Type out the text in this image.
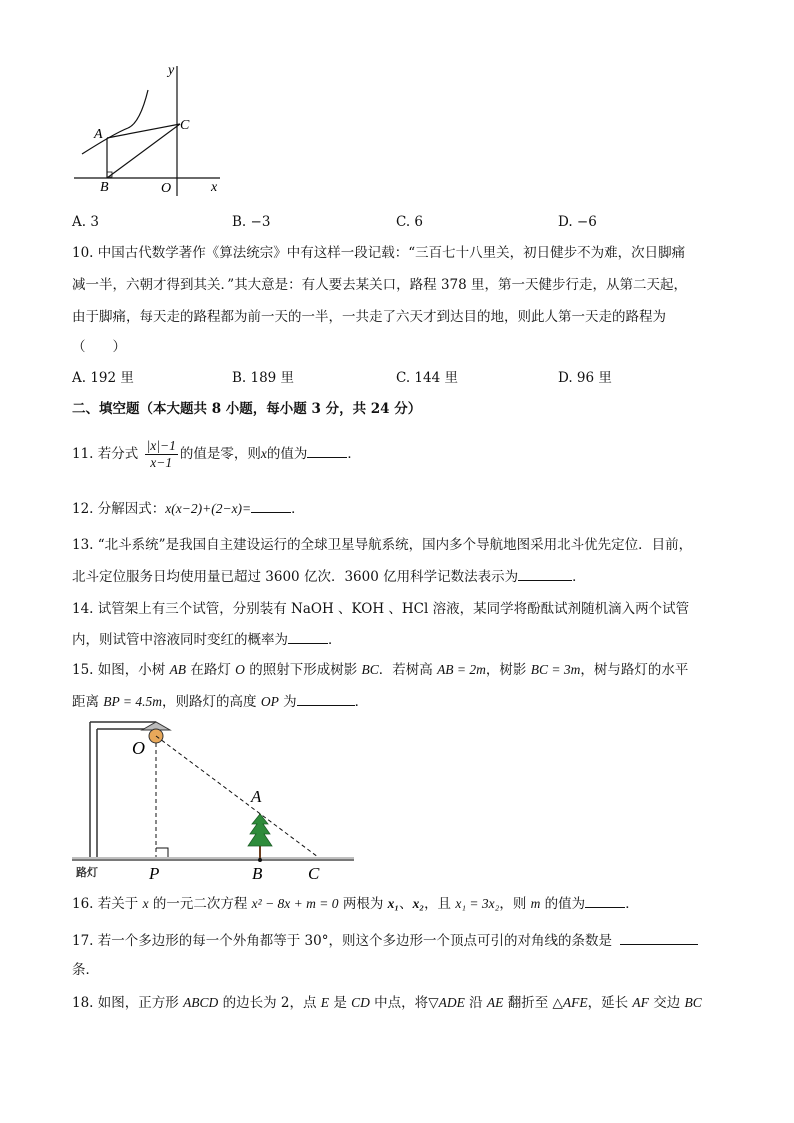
y
x
A
B
C
O
A. 3	B. −3	C. 6	D. −6
10. 中国古代数学著作《算法统宗》中有这样一段记载：“三百七十八里关，初日健步不为难，次日脚痛
减一半，六朝才得到其关．”其大意是：有人要去某关口，路程 378 里，第一天健步行走，从第二天起，
由于脚痛，每天走的路程都为前一天的一半，一共走了六天才到达目的地，则此人第一天走的路程为
（　　）
A. 192 里	B. 189 里	C. 144 里	D. 96 里
二、填空题（本大题共 8 小题，每小题 3 分，共 24 分）
11. 若分式 $\frac{|x|-1}{x-1}$ 的值是零，则x的值为	．
12. 分解因式：x(x−2)+(2−x)=	．
13. “北斗系统”是我国自主建设运行的全球卫星导航系统，国内多个导航地图采用北斗优先定位．目前，
北斗定位服务日均使用量已超过 3600 亿次．3600 亿用科学记数法表示为	．
14. 试管架上有三个试管，分别装有 NaOH 、KOH 、HCl 溶液，某同学将酚酞试剂随机滴入两个试管
内，则试管中溶液同时变红的概率为	．
15. 如图，小树 AB 在路灯 O 的照射下形成树影 BC．若树高 AB = 2m，树影 BC = 3m，树与路灯的水平
距离 BP = 4.5m，则路灯的高度 OP 为	．
O
A
P	B	C
路灯
16. 若关于 x 的一元二次方程 x² − 8x + m = 0 两根为 x₁、x₂，且 x₁ = 3x₂，则 m 的值为	．
17. 若一个多边形的每一个外角都等于 30°，则这个多边形一个顶点可引的对角线的条数是
条．
18. 如图，正方形 ABCD 的边长为 2，点 E 是 CD 中点，将▽ADE 沿 AE 翻折至 △AFE，延长 AF 交边 BC
